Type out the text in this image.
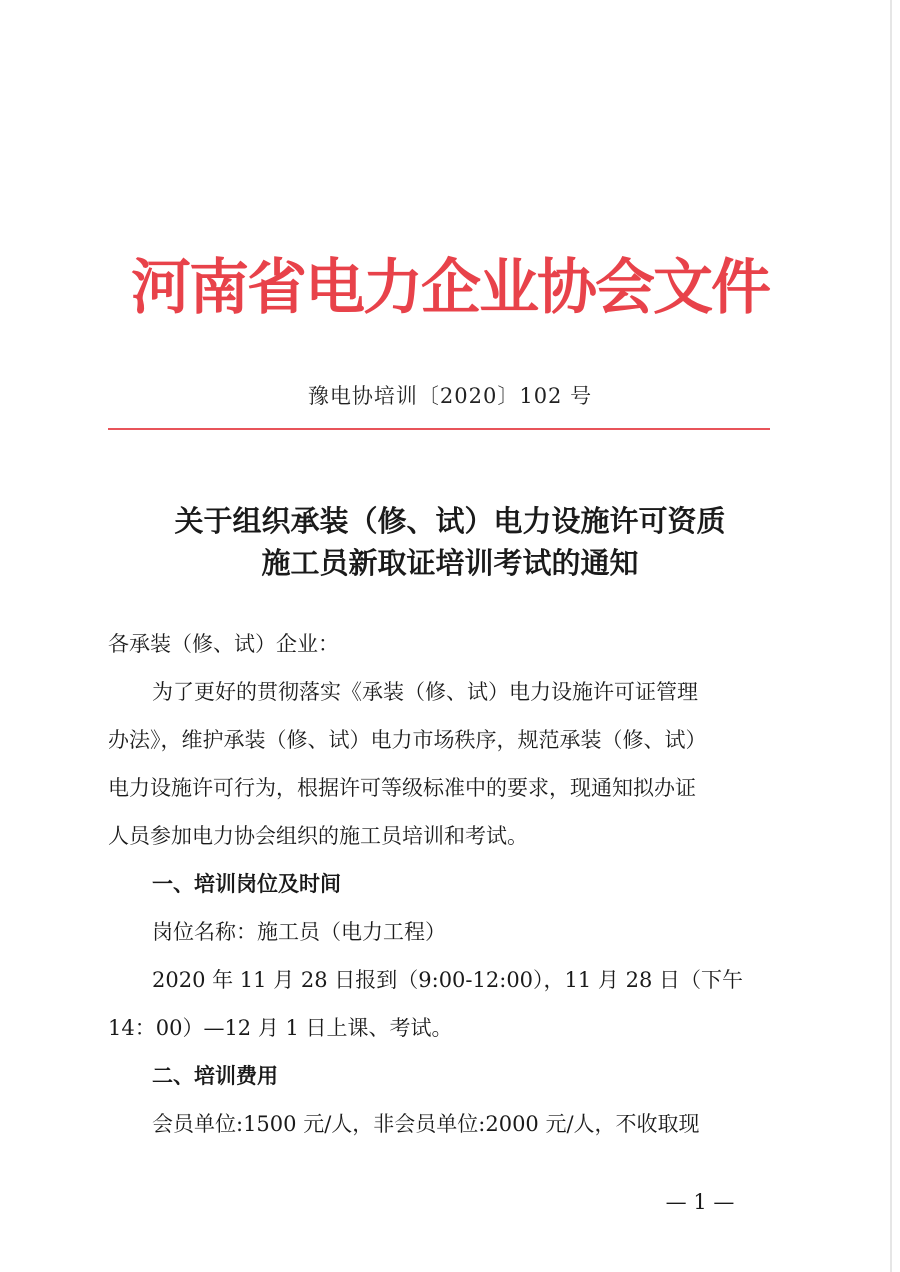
河南省电力企业协会文件
豫电协培训〔2020〕102 号
关于组织承装（修、试）电力设施许可资质
施工员新取证培训考试的通知
各承装（修、试）企业：
为了更好的贯彻落实《承装（修、试）电力设施许可证管理
办法》，维护承装（修、试）电力市场秩序，规范承装（修、试）
电力设施许可行为，根据许可等级标准中的要求，现通知拟办证
人员参加电力协会组织的施工员培训和考试。
一、培训岗位及时间
岗位名称：施工员（电力工程）
2020 年 11 月 28 日报到（9:00-12:00），11 月 28 日（下午
14：00）—12 月 1 日上课、考试。
二、培训费用
会员单位:1500 元/人，非会员单位:2000 元/人，不收取现
— 1 —
